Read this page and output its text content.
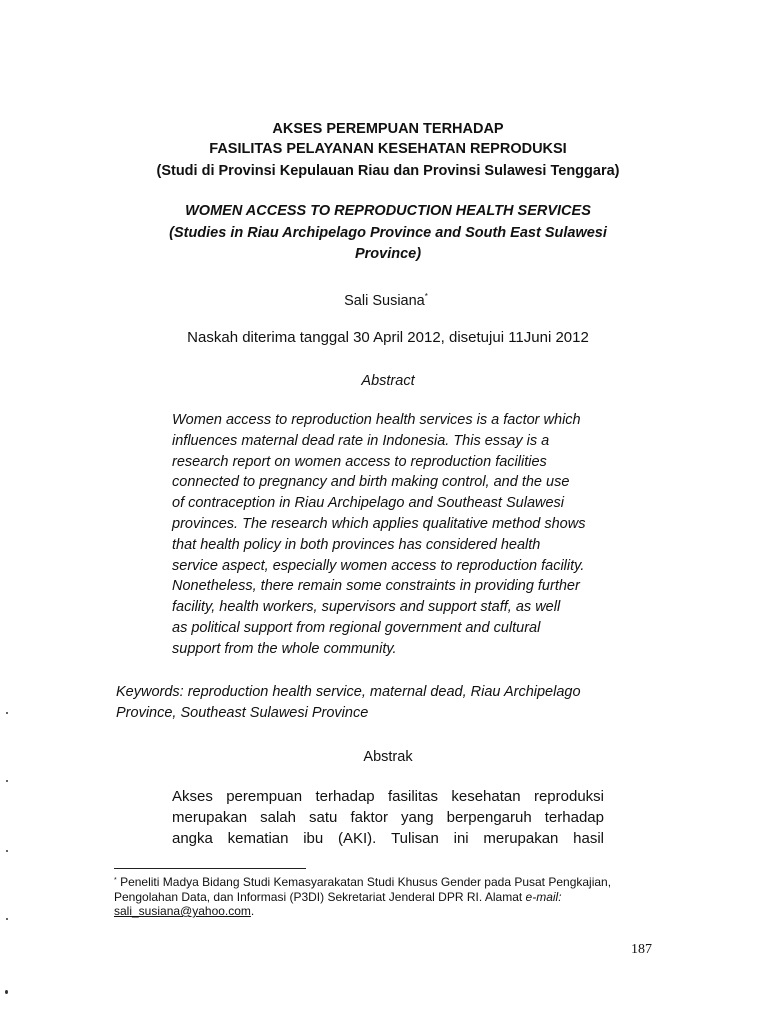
AKSES PEREMPUAN TERHADAP
FASILITAS PELAYANAN KESEHATAN REPRODUKSI
(Studi di Provinsi Kepulauan Riau dan Provinsi Sulawesi Tenggara)
WOMEN ACCESS TO REPRODUCTION HEALTH SERVICES
(Studies in Riau Archipelago Province and South East Sulawesi
Province)
Sali Susiana*
Naskah diterima tanggal 30 April 2012, disetujui 11Juni 2012
Abstract
Women access to reproduction health services is a factor which
influences maternal dead rate in Indonesia. This essay is a
research report on women access to reproduction facilities
connected to pregnancy and birth making control, and the use
of contraception in Riau Archipelago and Southeast Sulawesi
provinces. The research which applies qualitative method shows
that health policy in both provinces has considered health
service aspect, especially women access to reproduction facility.
Nonetheless, there remain some constraints in providing further
facility, health workers, supervisors and support staff, as well
as political support from regional government and cultural
support from the whole community.
Keywords: reproduction health service, maternal dead, Riau Archipelago
Province, Southeast Sulawesi Province
Abstrak
Akses perempuan terhadap fasilitas kesehatan reproduksi
merupakan salah satu faktor yang berpengaruh terhadap
angka kematian ibu (AKI). Tulisan ini merupakan hasil
* Peneliti Madya Bidang Studi Kemasyarakatan Studi Khusus Gender pada Pusat Pengkajian,
Pengolahan Data, dan Informasi (P3DI) Sekretariat Jenderal DPR RI. Alamat e-mail:
sali_susiana@yahoo.com.
187
